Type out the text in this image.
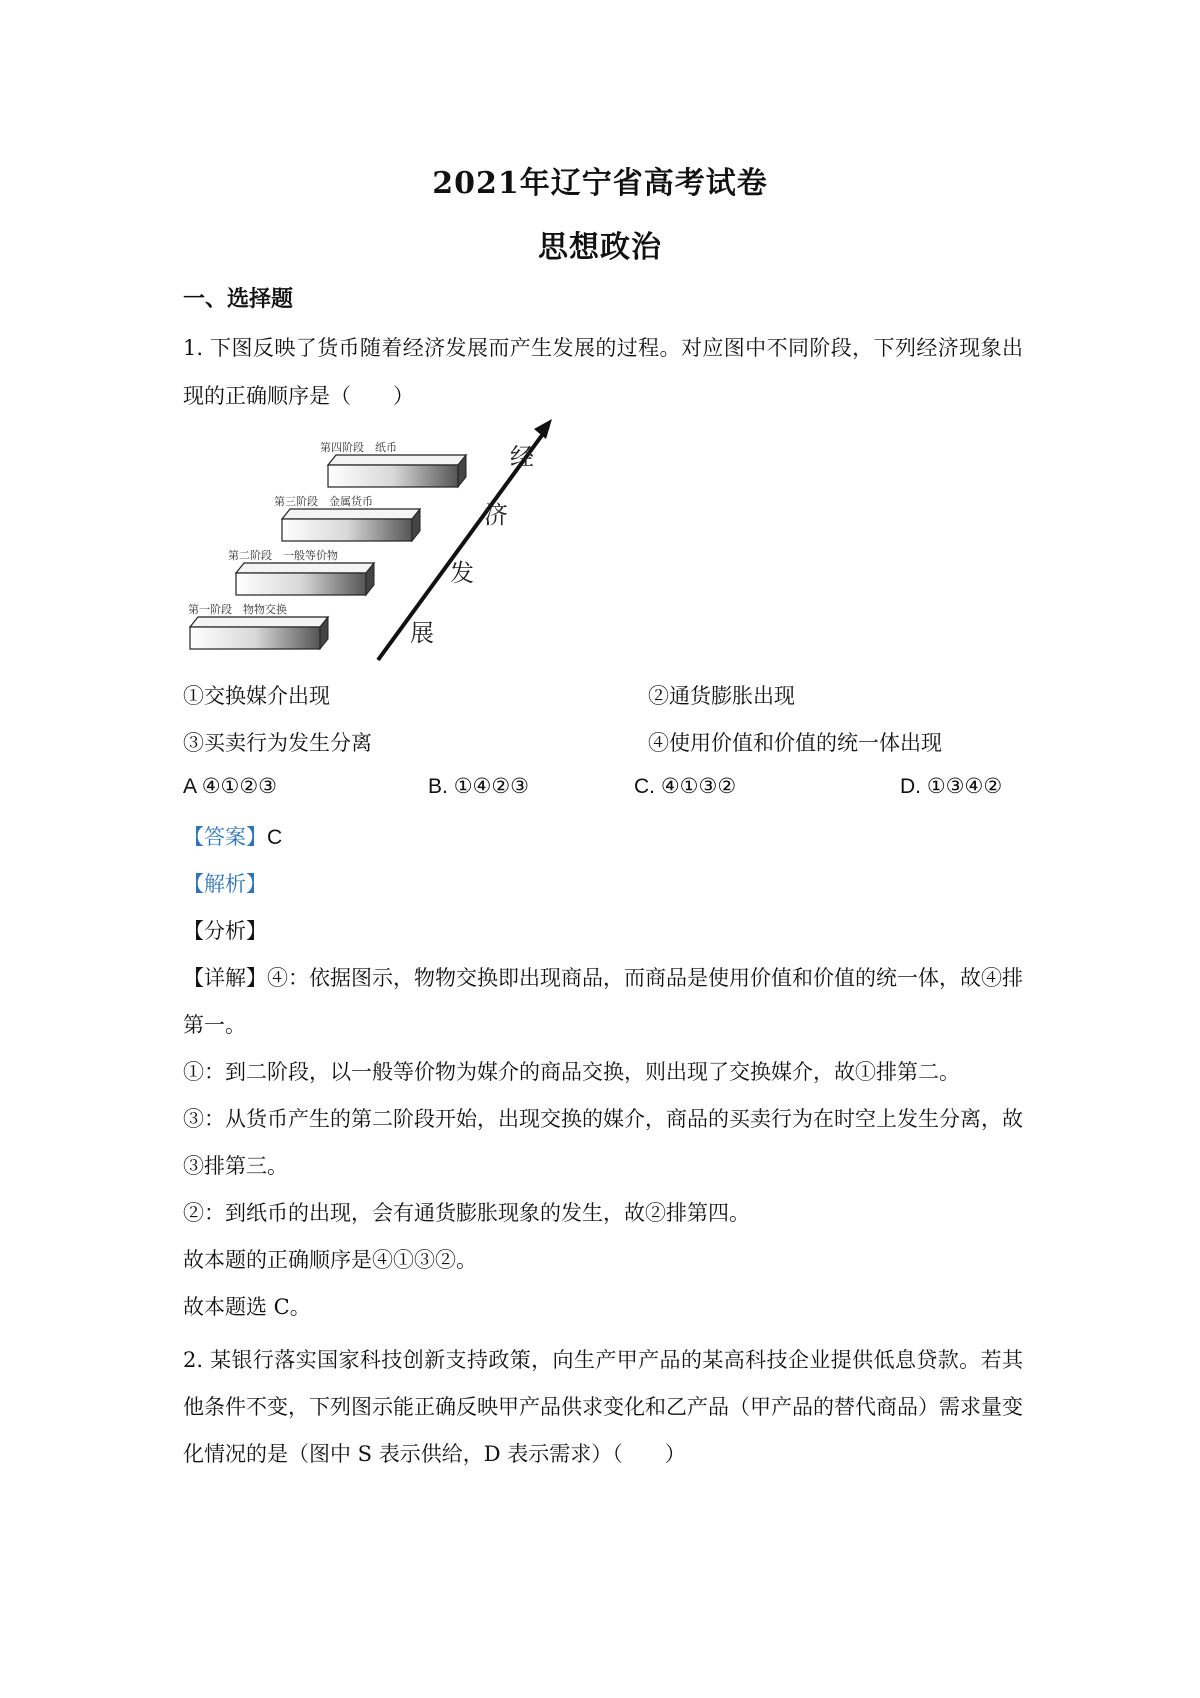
2021年辽宁省高考试卷
思想政治
一、选择题
1. 下图反映了货币随着经济发展而产生发展的过程。对应图中不同阶段，下列经济现象出
现的正确顺序是（　　）
第一阶段　物物交换
第二阶段　一般等价物
第三阶段　金属货币
第四阶段　纸币	经
济
发
展
①交换媒介出现	②通货膨胀出现
③买卖行为发生分离	④使用价值和价值的统一体出现
A ④①②③	B. ①④②③	C. ④①③②	D. ①③④②
【答案】C
【解析】
【分析】
【详解】④：依据图示，物物交换即出现商品，而商品是使用价值和价值的统一体，故④排
第一。
①：到二阶段，以一般等价物为媒介的商品交换，则出现了交换媒介，故①排第二。
③：从货币产生的第二阶段开始，出现交换的媒介，商品的买卖行为在时空上发生分离，故
③排第三。
②：到纸币的出现，会有通货膨胀现象的发生，故②排第四。
故本题的正确顺序是④①③②。
故本题选 C。
2. 某银行落实国家科技创新支持政策，向生产甲产品的某高科技企业提供低息贷款。若其
他条件不变，下列图示能正确反映甲产品供求变化和乙产品（甲产品的替代商品）需求量变
化情况的是（图中 S 表示供给，D 表示需求）（　　）
